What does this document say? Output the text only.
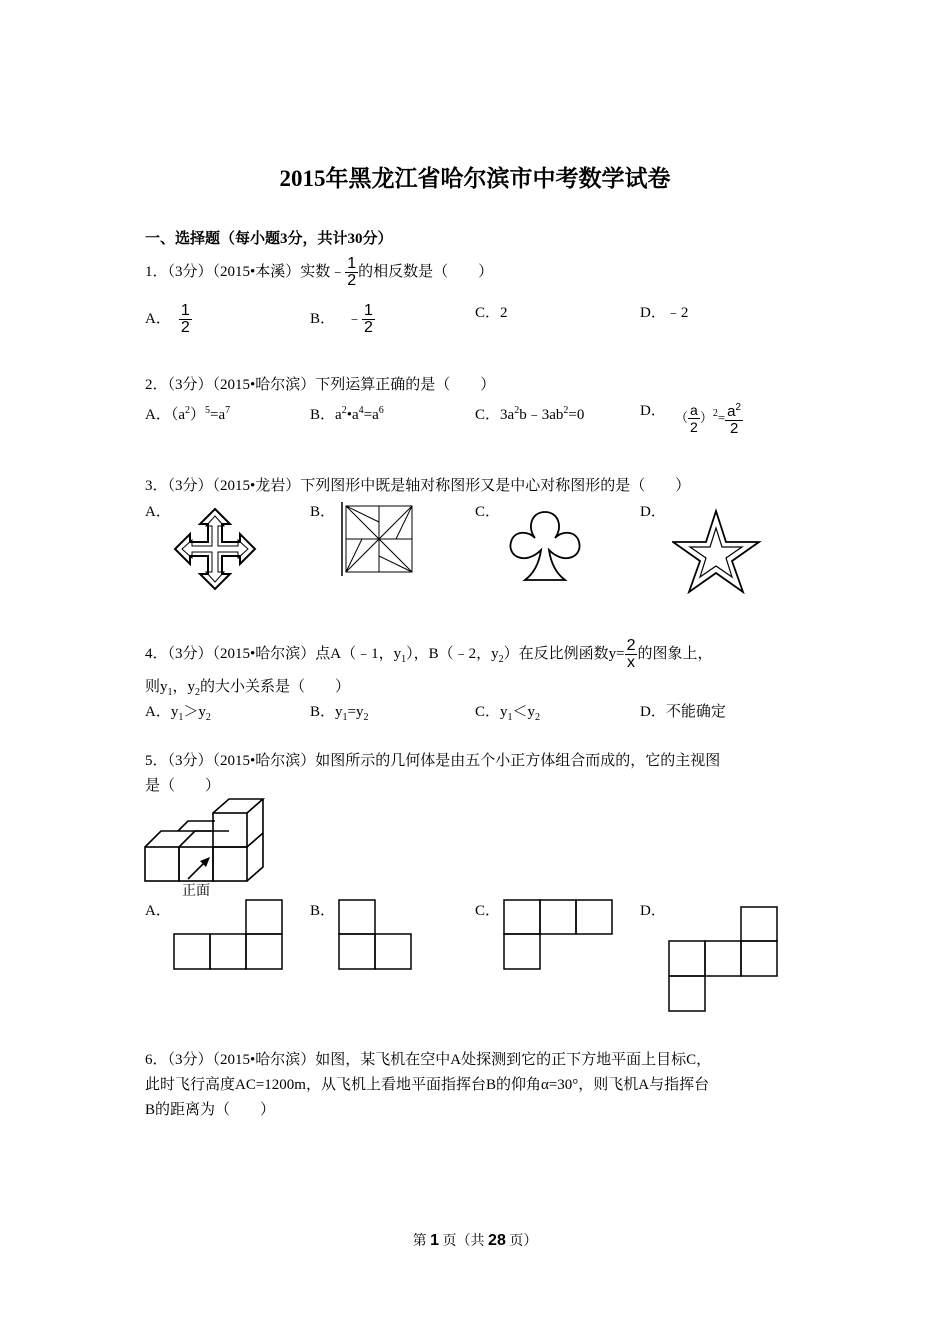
2015年黑龙江省哈尔滨市中考数学试卷
一、选择题（每小题3分，共计30分）
1．（3分）（2015•本溪）实数﹣ $\frac{1}{2}$ 的相反数是（　　）
A． $\frac{1}{2}$	B． ﹣ $\frac{1}{2}$	C．2	D．﹣2
2．（3分）（2015•哈尔滨）下列运算正确的是（　　）
A．$(a^2)^5=a^7$	B．$a^2•a^4=a^6$	C．$3a^2b﹣3ab^2=0$	D． （ $\frac{a}{2} )^2= \frac{a^2}{2}$
3．（3分）（2015•龙岩）下列图形中既是轴对称图形又是中心对称图形的是（　　）
A．	B．	C．	D．
4．（3分）（2015•哈尔滨）点A（﹣1，$y_1$），B（﹣2，$y_2$）在反比例函数$y= \frac{2}{x}$ 的图象上，
则$y_1$，$y_2$的大小关系是（　　）
A．$y_1>y_2$	B．$y_1=y_2$	C．$y_1<y_2$	D．不能确定
5．（3分）（2015•哈尔滨）如图所示的几何体是由五个小正方体组合而成的，它的主视图
是（　　）
正面
A．	B．	C．	D．
6．（3分）（2015•哈尔滨）如图，某飞机在空中A处探测到它的正下方地平面上目标C，
此时飞行高度AC=1200m，从飞机上看地平面指挥台B的仰角α=30°，则飞机A与指挥台
B的距离为（　　）
第 1 页（共 28 页）
